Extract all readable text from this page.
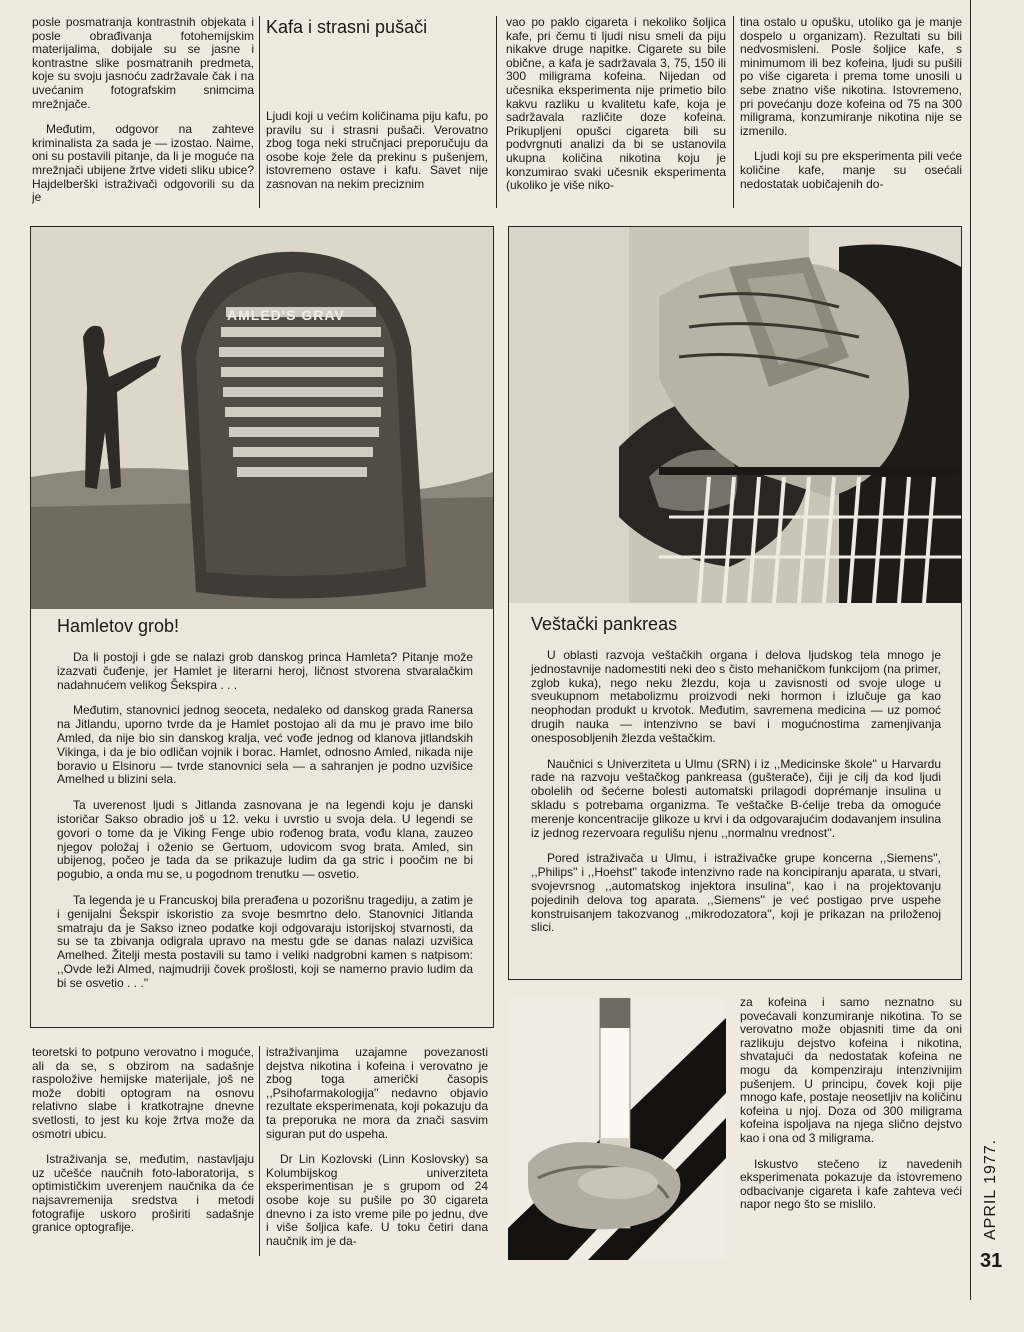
posle posmatranja kontrastnih objekata i posle obrađivanja fotohemijskim materijalima, dobijale su se jasne i kontrastne slike posmatranih predmeta, koje su svoju jasnoću zadržavale čak i na uvećanim fotografskim snimcima mrežnjače.

Međutim, odgovor na zahteve kriminalista za sada je — izostao. Naime, oni su postavili pitanje, da li je moguće na mrežnjači ubijene žrtve videti sliku ubice? Hajdelberški istraživači odgovorili su da je

Kafa i strasni pušači

Ljudi koji u većim količinama piju kafu, po pravilu su i strasni pušači. Verovatno zbog toga neki stručnjaci preporučuju da osobe koje žele da prekinu s pušenjem, istovremeno ostave i kafu. Savet nije zasnovan na nekim preciznim

vao po paklo cigareta i nekoliko šoljica kafe, pri čemu ti ljudi nisu smeli da piju nikakve druge napitke. Cigarete su bile obične, a kafa je sadržavala 3, 75, 150 ili 300 miligrama kofeina. Nijedan od učesnika eksperimenta nije primetio bilo kakvu razliku u kvalitetu kafe, koja je sadržavala različite doze kofeina. Prikupljeni opušci cigareta bili su podvrgnuti analizi da bi se ustanovila ukupna količina nikotina koju je konzumirao svaki učesnik eksperimenta (ukoliko je više niko-

tina ostalo u opušku, utoliko ga je manje dospelo u organizam). Rezultati su bili nedvosmisleni. Posle šoljice kafe, s minimumom ili bez kofeina, ljudi su pušili po više cigareta i prema tome unosili u sebe znatno više nikotina. Istovremeno, pri povećanju doze kofeina od 75 na 300 miligrama, konzumiranje nikotina nije se izmenilo.

Ljudi koji su pre eksperimenta pili veće količine kafe, manje su osećali nedostatak uobičajenih do-

AMLED'S GRAV
Hamletov grob!

Da li postoji i gde se nalazi grob danskog princa Hamleta? Pitanje može izazvati čuđenje, jer Hamlet je literarni heroj, ličnost stvorena stvaralačkim nadahnućem velikog Šekspira . . .

Međutim, stanovnici jednog seoceta, nedaleko od danskog grada Ranersa na Jitlandu, uporno tvrde da je Hamlet postojao ali da mu je pravo ime bilo Amled, da nije bio sin danskog kralja, već vođe jednog od klanova jitlandskih Vikinga, i da je bio odličan vojnik i borac. Hamlet, odnosno Amled, nikada nije boravio u Elsinoru — tvrde stanovnici sela — a sahranjen je podno uzvišice Amelhed u blizini sela.

Ta uverenost ljudi s Jitlanda zasnovana je na legendi koju je danski istoričar Sakso obradio još u 12. veku i uvrstio u svoja dela. U legendi se govori o tome da je Viking Fenge ubio rođenog brata, vođu klana, zauzeo njegov položaj i oženio se Gertuom, udovicom svog brata. Amled, sin ubijenog, počeo je tada da se prikazuje ludim da ga stric i poočim ne bi pogubio, a onda mu se, u pogodnom trenutku — osvetio.

Ta legenda je u Francuskoj bila prerađena u pozorišnu tragediju, a zatim je i genijalni Šekspir iskoristio za svoje besmrtno delo. Stanovnici Jitlanda smatraju da je Sakso izneo podatke koji odgovaraju istorijskoj stvarnosti, da su se ta zbivanja odigrala upravo na mestu gde se danas nalazi uzvišica Amelhed. Žitelji mesta postavili su tamo i veliki nadgrobni kamen s natpisom: ,,Ovde leži Almed, najmudriji čovek prošlosti, koji se namerno pravio ludim da bi se osvetio . . .''

Veštački pankreas

U oblasti razvoja veštačkih organa i delova ljudskog tela mnogo je jednostavnije nadomestiti neki deo s čisto mehaničkom funkcijom (na primer, zglob kuka), nego neku žlezdu, koja u zavisnosti od svoje uloge u sveukupnom metabolizmu proizvodi neki hormon i izlučuje ga kao neophodan produkt u krvotok. Međutim, savremena medicina — uz pomoć drugih nauka — intenzivno se bavi i mogućnostima zamenjivanja onesposobljenih žlezda veštačkim.

Naučnici s Univerziteta u Ulmu (SRN) i iz ,,Medicinske škole'' u Harvardu rade na razvoju veštačkog pankreasa (gušterače), čiji je cilj da kod ljudi obolelih od šećerne bolesti automatski prilagodi doprémanje insulina u skladu s potrebama organizma. Te veštačke B-ćelije treba da omoguće merenje koncentracije glikoze u krvi i da odgovarajućim dodavanjem insulina iz jednog rezervoara regulišu njenu ,,normalnu vrednost''.

Pored istraživača u Ulmu, i istraživačke grupe koncerna ,,Siemens'', ,,Philips'' i ,,Hoehst'' takođe intenzivno rade na koncipiranju aparata, u stvari, svojevrsnog ,,automatskog injektora insulina'', kao i na projektovanju pojedinih delova tog aparata. ,,Siemens'' je već postigao prve uspehe konstruisanjem takozvanog ,,mikrodozatora'', koji je prikazan na priloženoj slici.

teoretski to potpuno verovatno i moguće, ali da se, s obzirom na sadašnje raspoložive hemijske materijale, još ne može dobiti optogram na osnovu relativno slabe i kratkotrajne dnevne svetlosti, to jest ku koje žrtva može da osmotri ubicu.

Istraživanja se, međutim, nastavljaju uz učešće naučnih foto-laboratorija, s optimističkim uverenjem naučnika da će najsavremenija sredstva i metodi fotografije uskoro proširiti sadašnje granice optografije.

istraživanjima uzajamne povezanosti dejstva nikotina i kofeina i verovatno je zbog toga američki časopis ,,Psihofarmakologija'' nedavno objavio rezultate eksperimenata, koji pokazuju da ta preporuka ne mora da znači sasvim siguran put do uspeha.

Dr Lin Kozlovski (Linn Koslovsky) sa Kolumbijskog univerziteta eksperimentisan je s grupom od 24 osobe koje su pušile po 30 cigareta dnevno i za isto vreme pile po jednu, dve i više šoljica kafe. U toku četiri dana naučnik im je da-

za kofeina i samo neznatno su povećavali konzumiranje nikotina. To se verovatno može objasniti time da oni razlikuju dejstvo kofeina i nikotina, shvatajući da nedostatak kofeina ne mogu da kompenziraju intenzivnijim pušenjem. U principu, čovek koji pije mnogo kafe, postaje neosetljiv na količinu kofeina u njoj. Doza od 300 miligrama kofeina ispoljava na njega slično dejstvo kao i ona od 3 miligrama.

Iskustvo stečeno iz navedenih eksperimenata pokazuje da istovremeno odbacivanje cigareta i kafe zahteva veći napor nego što se mislilo.	APRIL 1977.
31
